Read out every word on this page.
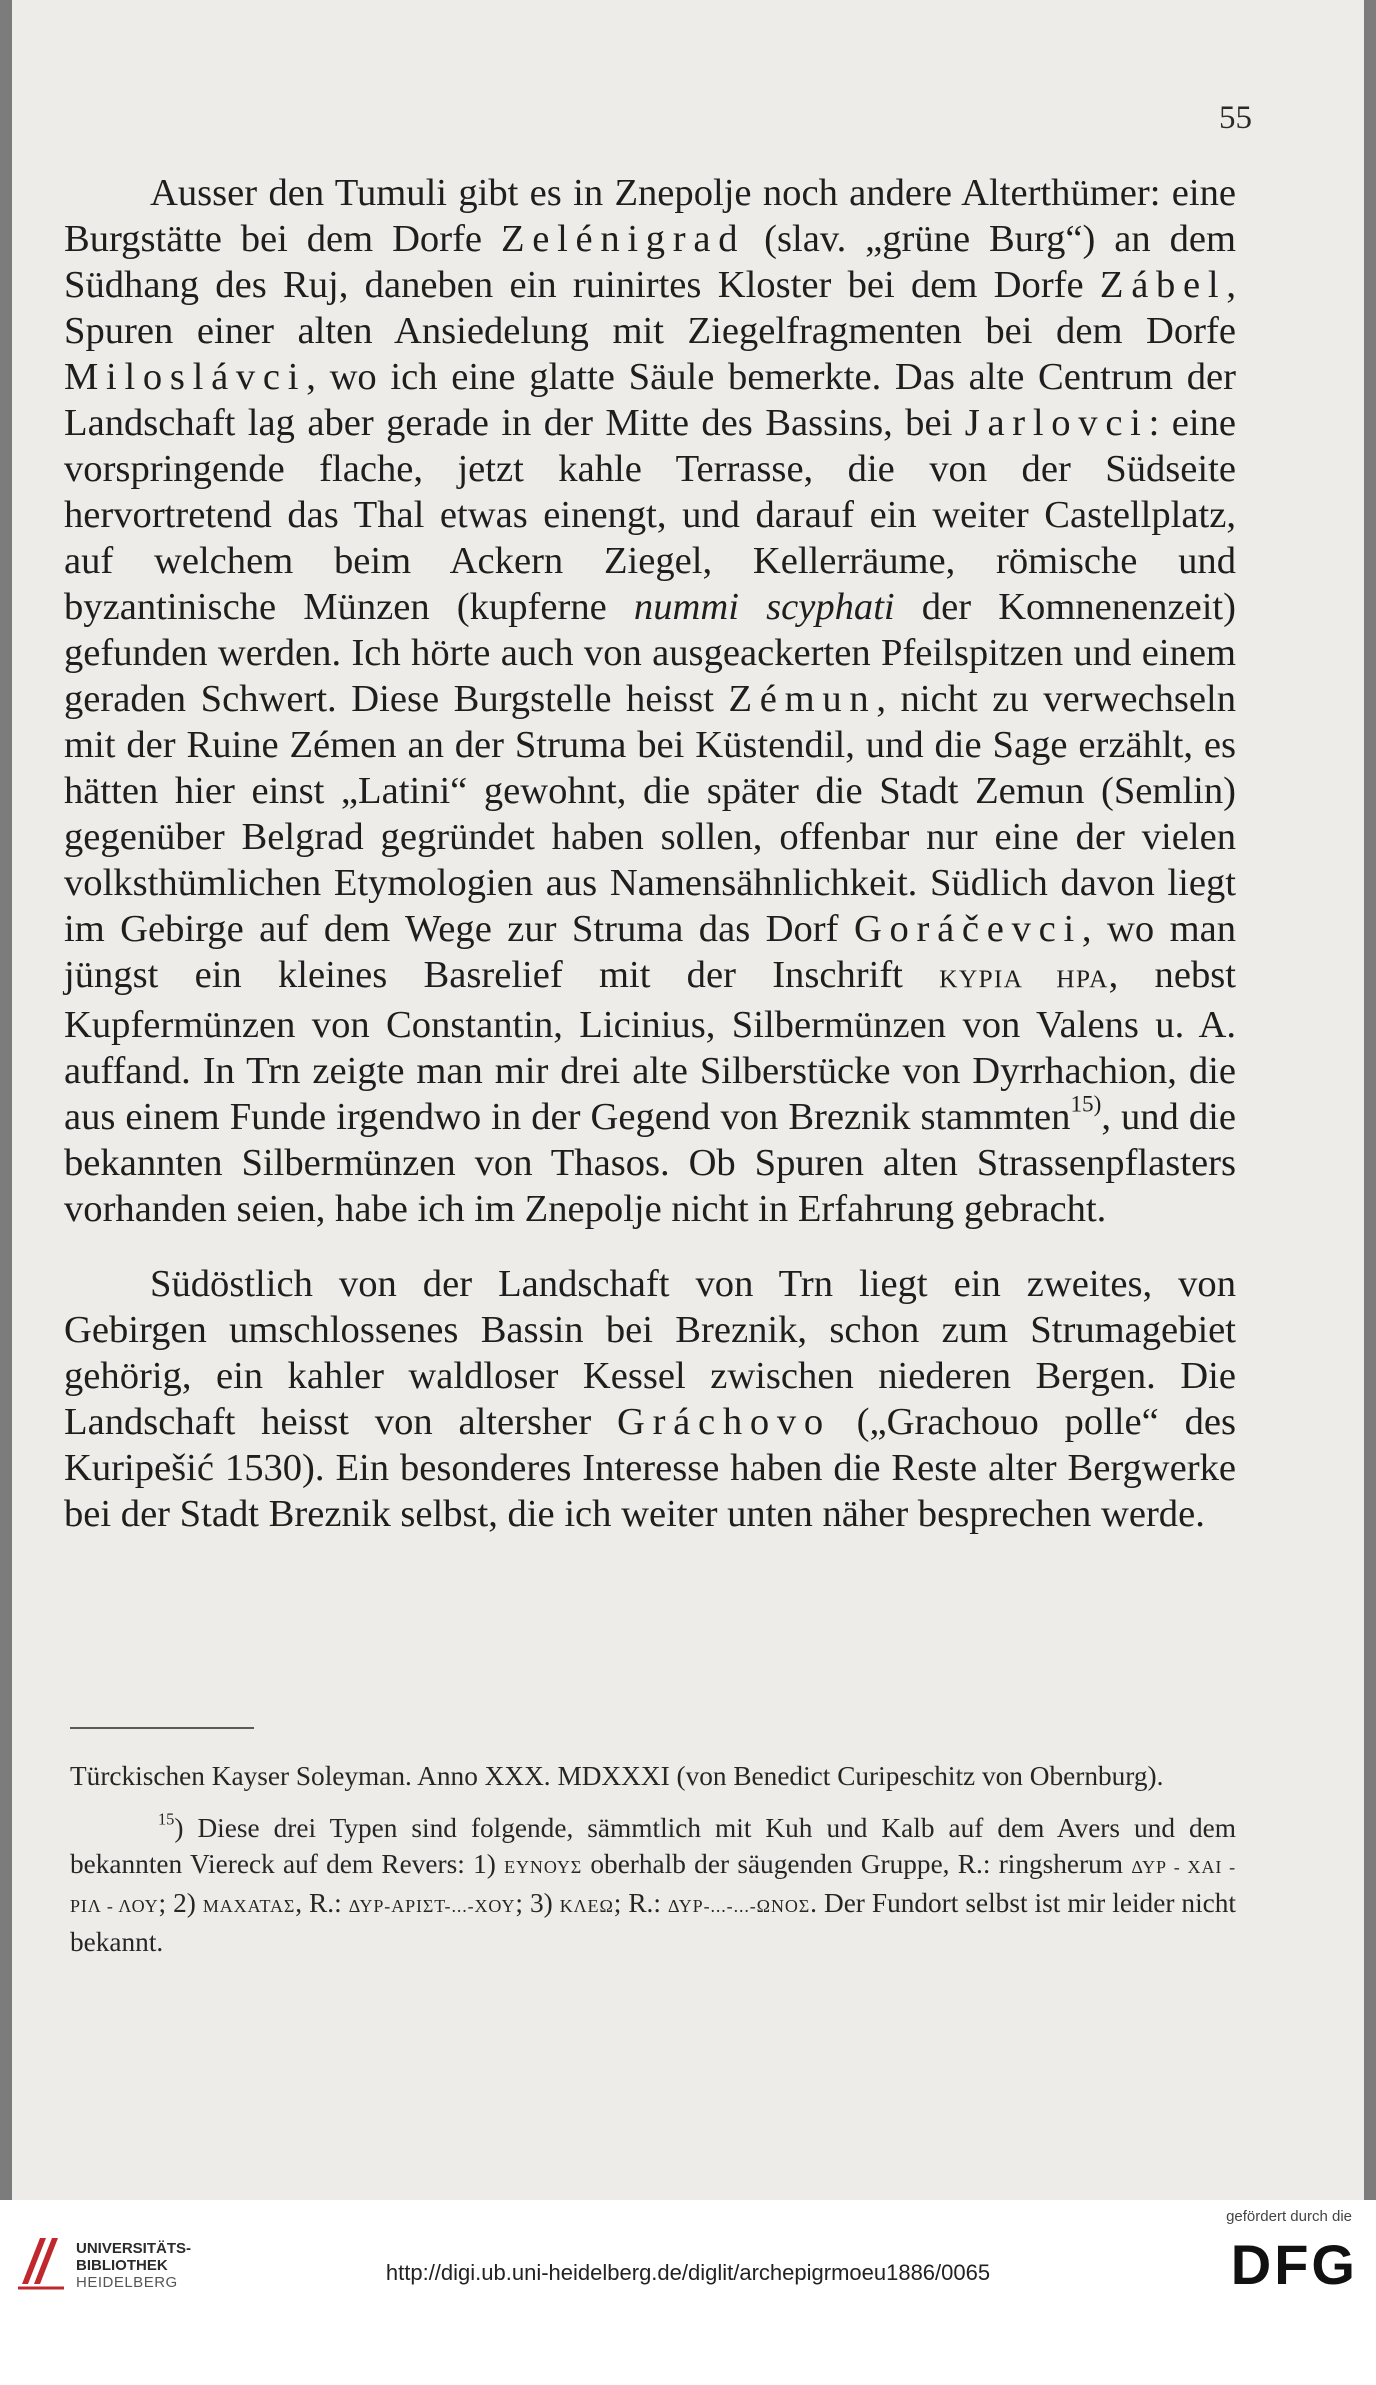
55

Ausser den Tumuli gibt es in Znepolje noch andere Alterthümer: eine Burgstätte bei dem Dorfe Zelénigrad (slav. „grüne Burg“) an dem Südhang des Ruj, daneben ein ruinirtes Kloster bei dem Dorfe Zábel, Spuren einer alten Ansiedelung mit Ziegelfragmenten bei dem Dorfe Miloslávci, wo ich eine glatte Säule bemerkte. Das alte Centrum der Landschaft lag aber gerade in der Mitte des Bassins, bei Jarlovci: eine vorspringende flache, jetzt kahle Terrasse, die von der Südseite hervortretend das Thal etwas einengt, und darauf ein weiter Castellplatz, auf welchem beim Ackern Ziegel, Kellerräume, römische und byzantinische Münzen (kupferne nummi scyphati der Komnenenzeit) gefunden werden. Ich hörte auch von ausgeackerten Pfeilspitzen und einem geraden Schwert. Diese Burgstelle heisst Zémun, nicht zu verwechseln mit der Ruine Zémen an der Struma bei Küstendil, und die Sage erzählt, es hätten hier einst „Latini“ gewohnt, die später die Stadt Zemun (Semlin) gegenüber Belgrad gegründet haben sollen, offenbar nur eine der vielen volksthümlichen Etymologien aus Namensähnlichkeit. Südlich davon liegt im Gebirge auf dem Wege zur Struma das Dorf Goráčevci, wo man jüngst ein kleines Basrelief mit der Inschrift ΚΥΡΙΑ ΗΡΑ, nebst Kupfermünzen von Constantin, Licinius, Silbermünzen von Valens u. A. auffand. In Trn zeigte man mir drei alte Silberstücke von Dyrrhachion, die aus einem Funde irgendwo in der Gegend von Breznik stammten$^{15)}$, und die bekannten Silbermünzen von Thasos. Ob Spuren alten Strassenpflasters vorhanden seien, habe ich im Znepolje nicht in Erfahrung gebracht.

Südöstlich von der Landschaft von Trn liegt ein zweites, von Gebirgen umschlossenes Bassin bei Breznik, schon zum Strumagebiet gehörig, ein kahler waldloser Kessel zwischen niederen Bergen. Die Landschaft heisst von altersher Gráchovo („Grachouo polle“ des Kuripešić 1530). Ein besonderes Interesse haben die Reste alter Bergwerke bei der Stadt Breznik selbst, die ich weiter unten näher besprechen werde.

Türckischen Kayser Soleyman. Anno XXX. MDXXXI (von Benedict Curipeschitz von Obernburg).

$^{15}$) Diese drei Typen sind folgende, sämmtlich mit Kuh und Kalb auf dem Avers und dem bekannten Viereck auf dem Revers: 1) ΕΥΝΟΥΣ oberhalb der säugenden Gruppe, R.: ringsherum ΔΥΡ - ΧΑΙ - ΡΙΛ - ΛΟΥ; 2) ΜΑΧΑΤΑΣ, R.: ΔΥΡ-ΑΡΙΣΤ-...-ΧΟΥ; 3) ΚΛΕΩ; R.: ΔΥΡ-...-...-ΩΝΟΣ. Der Fundort selbst ist mir leider nicht bekannt.

UNIVERSITÄTS-
BIBLIOTHEK
HEIDELBERG	http://digi.ub.uni-heidelberg.de/diglit/archepigrmoeu1886/0065
gefördert durch die
DFG
